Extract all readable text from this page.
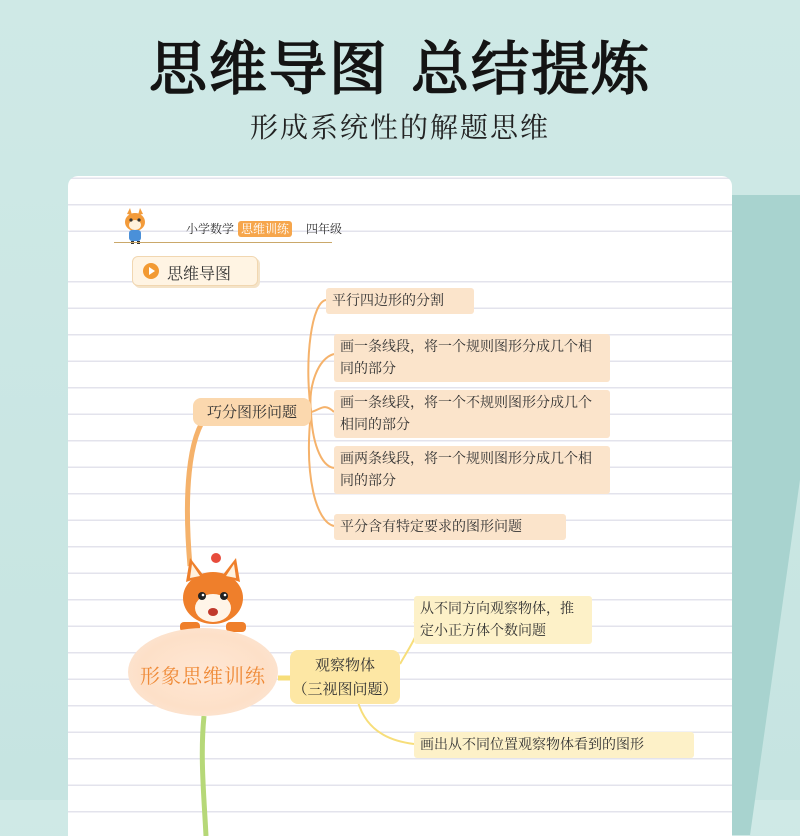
思维导图 总结提炼
形成系统性的解题思维
小学数学 思维训练 四年级
思维导图
巧分图形问题
平行四边形的分割
画一条线段，将一个规则图形分成几个相同的部分
画一条线段，将一个不规则图形分成几个相同的部分
画两条线段，将一个规则图形分成几个相同的部分
平分含有特定要求的图形问题
形象思维训练	观察物体
（三视图问题）
从不同方向观察物体，推定小正方体个数问题
画出从不同位置观察物体看到的图形
